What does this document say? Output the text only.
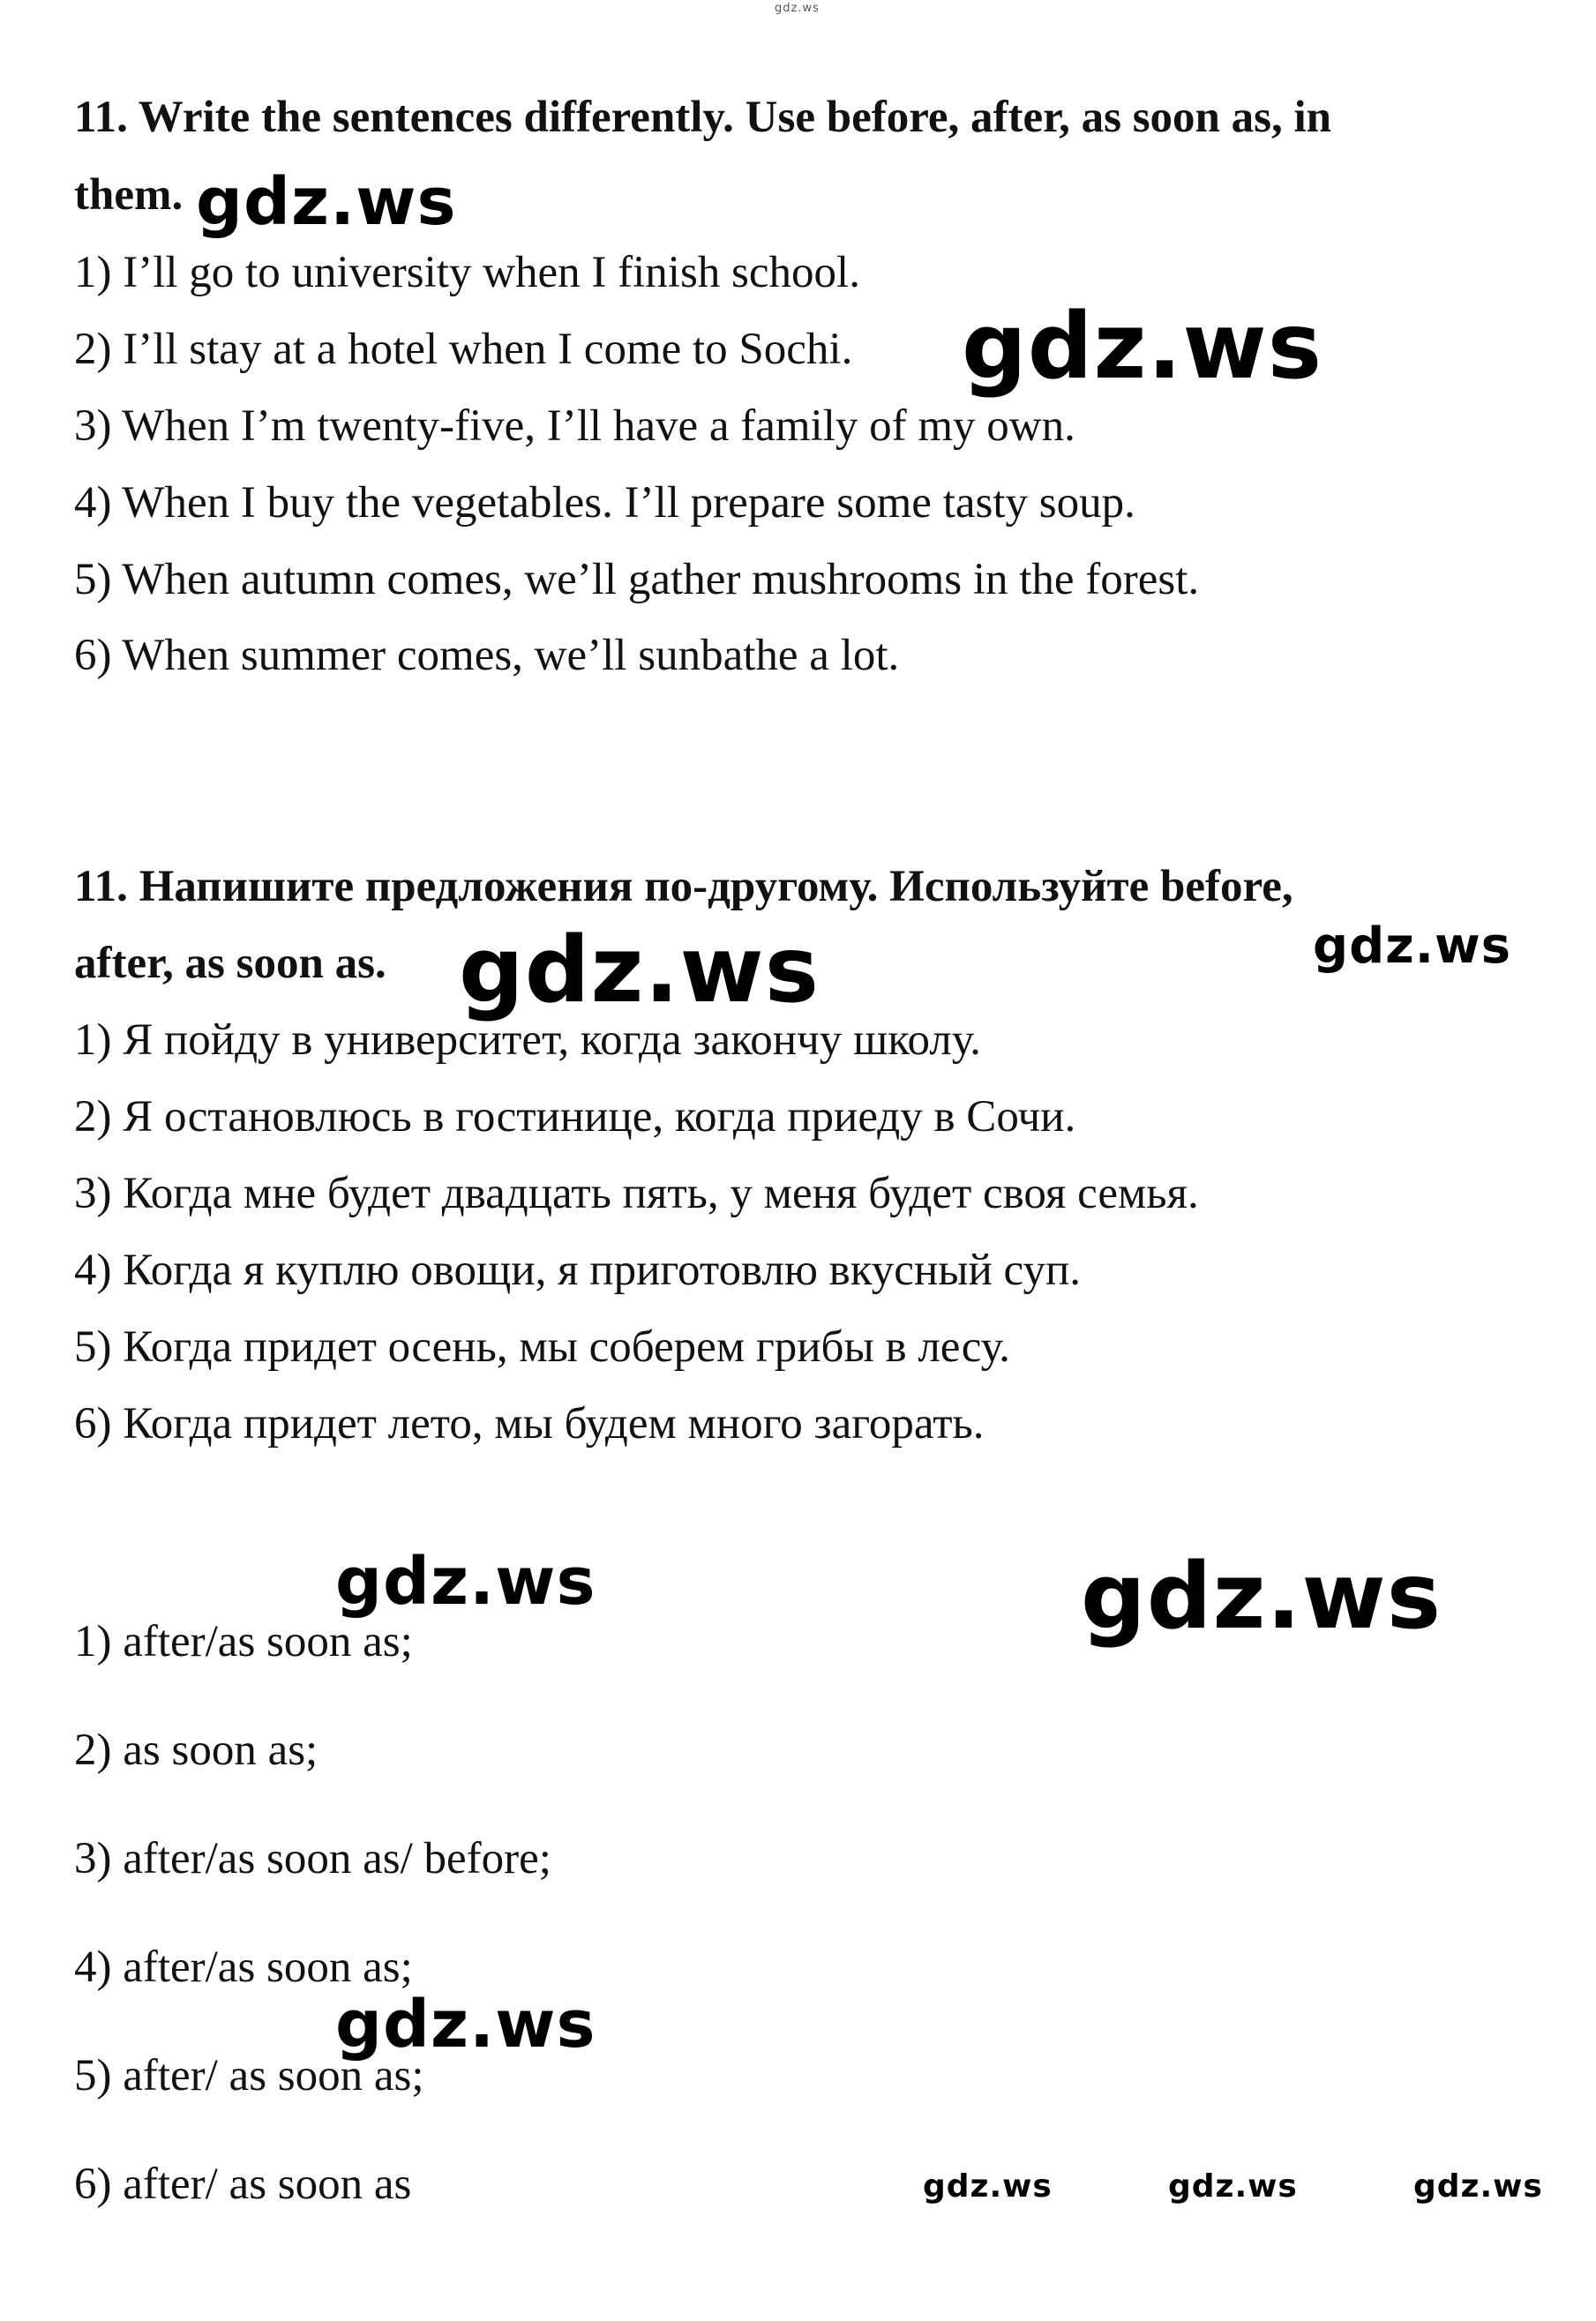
gdz.ws
11. Write the sentences differently. Use before, after, as soon as, in
them. gdz.ws
1) I’ll go to university when I finish school.
2) I’ll stay at a hotel when I come to Sochi. gdz.ws
3) When I’m twenty-five, I’ll have a family of my own.
4) When I buy the vegetables. I’ll prepare some tasty soup.
5) When autumn comes, we’ll gather mushrooms in the forest.
6) When summer comes, we’ll sunbathe a lot.
11. Напишите предложения по-другому. Используйте before,
after, as soon as. gdz.ws	gdz.ws
1) Я пойду в университет, когда закончу школу.
2) Я остановлюсь в гостинице, когда приеду в Сочи.
3) Когда мне будет двадцать пять, у меня будет своя семья.
4) Когда я куплю овощи, я приготовлю вкусный суп.
5) Когда придет осень, мы соберем грибы в лесу.
6) Когда придет лето, мы будем много загорать.
gdz.ws	gdz.ws
1) after/as soon as;
2) as soon as;
3) after/as soon as/ before;
4) after/as soon as;
gdz.ws
5) after/ as soon as;
6) after/ as soon as	gdz.ws	gdz.ws	gdz.ws
